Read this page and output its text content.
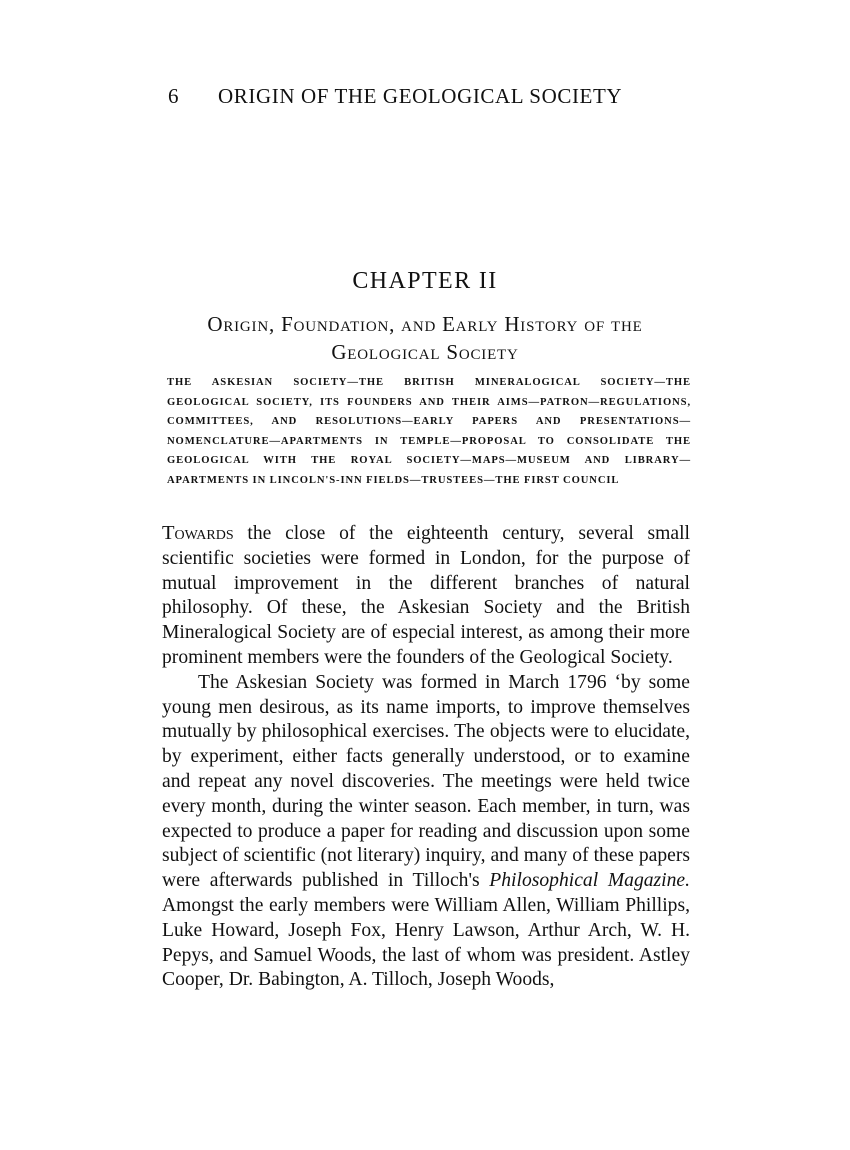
6 ORIGIN OF THE GEOLOGICAL SOCIETY
CHAPTER II
Origin, Foundation, and Early History of the Geological Society
THE ASKESIAN SOCIETY—THE BRITISH MINERALOGICAL SOCIETY—THE GEOLOGICAL SOCIETY, ITS FOUNDERS AND THEIR AIMS—PATRON—REGULATIONS, COMMITTEES, AND RESOLUTIONS—EARLY PAPERS AND PRESENTATIONS—NOMENCLATURE—APARTMENTS IN TEMPLE—PROPOSAL TO CONSOLIDATE THE GEOLOGICAL WITH THE ROYAL SOCIETY—MAPS—MUSEUM AND LIBRARY—APARTMENTS IN LINCOLN'S-INN FIELDS—TRUSTEES—THE FIRST COUNCIL

Towards the close of the eighteenth century, several small scientific societies were formed in London, for the purpose of mutual improvement in the different branches of natural philosophy. Of these, the Askesian Society and the British Mineralogical Society are of especial interest, as among their more prominent members were the founders of the Geological Society.

The Askesian Society was formed in March 1796 ‘by some young men desirous, as its name imports, to improve themselves mutually by philosophical exercises. The objects were to elucidate, by experiment, either facts generally understood, or to examine and repeat any novel discoveries. The meetings were held twice every month, during the winter season. Each member, in turn, was expected to produce a paper for reading and discussion upon some subject of scientific (not literary) inquiry, and many of these papers were afterwards published in Tilloch's Philosophical Magazine. Amongst the early members were William Allen, William Phillips, Luke Howard, Joseph Fox, Henry Lawson, Arthur Arch, W. H. Pepys, and Samuel Woods, the last of whom was president. Astley Cooper, Dr. Babington, A. Tilloch, Joseph Woods,
